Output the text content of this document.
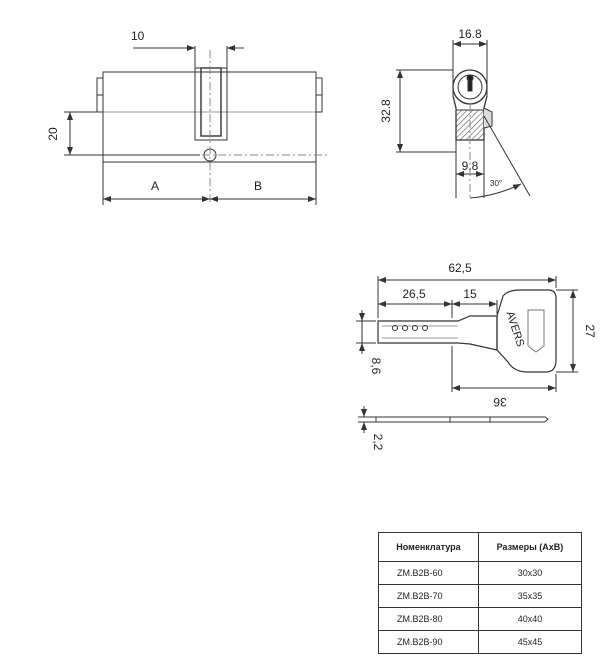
10
20
A	B
16.8
32.8
9.8
30°
62,5
26,5	15
27
8,6
36
AVERS
2,2
Номенклатура	Размеры (AxB)
ZM.B2B-60	30x30
ZM.B2B-70	35x35
ZM.B2B-80	40x40
ZM.B2B-90	45x45
